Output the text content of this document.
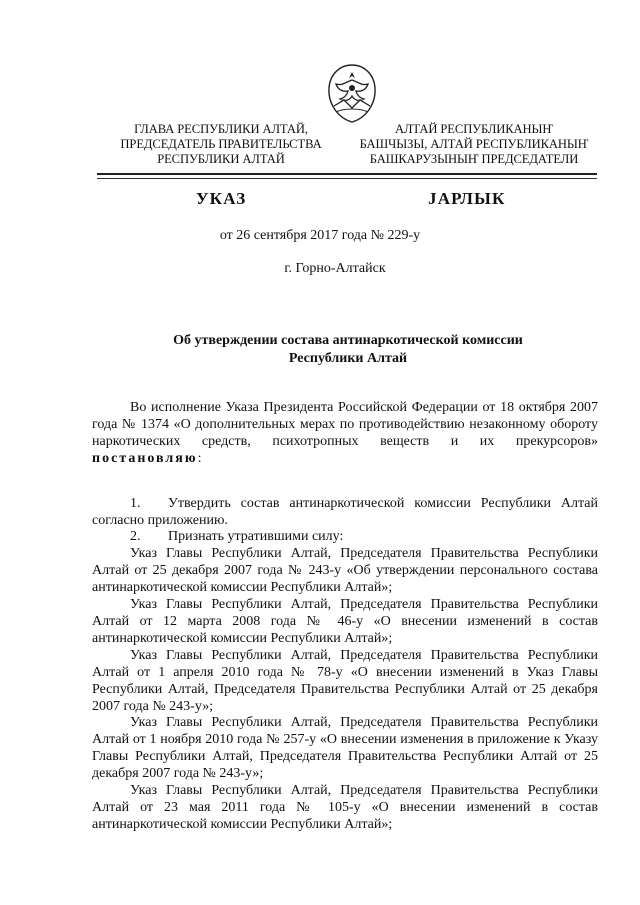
ГЛАВА РЕСПУБЛИКИ АЛТАЙ,
ПРЕДСЕДАТЕЛЬ ПРАВИТЕЛЬСТВА
РЕСПУБЛИКИ АЛТАЙ
АЛТАЙ РЕСПУБЛИКАНЫҤ
БАШЧЫЗЫ, АЛТАЙ РЕСПУБЛИКАНЫҤ
БАШКАРУЗЫНЫҤ ПРЕДСЕДАТЕЛИ
УКАЗ	JАРЛЫК
от 26 сентября 2017 года № 229-у
г. Горно-Алтайск
Об утверждении состава антинаркотической комиссии
Республики Алтай

Во исполнение Указа Президента Российской Федерации от 18 октября 2007 года № 1374 «О дополнительных мерах по противодействию незаконному обороту наркотических средств, психотропных веществ и их прекурсоров» постановляю:

1. Утвердить состав антинаркотической комиссии Республики Алтай согласно приложению.

2. Признать утратившими силу:

Указ Главы Республики Алтай, Председателя Правительства Республики Алтай от 25 декабря 2007 года № 243-у «Об утверждении персонального состава антинаркотической комиссии Республики Алтай»;

Указ Главы Республики Алтай, Председателя Правительства Республики Алтай от 12 марта 2008 года № 46-у «О внесении изменений в состав антинаркотической комиссии Республики Алтай»;

Указ Главы Республики Алтай, Председателя Правительства Республики Алтай от 1 апреля 2010 года № 78-у «О внесении изменений в Указ Главы Республики Алтай, Председателя Правительства Республики Алтай от 25 декабря 2007 года № 243-у»;

Указ Главы Республики Алтай, Председателя Правительства Республики Алтай от 1 ноября 2010 года № 257-у «О внесении изменения в приложение к Указу Главы Республики Алтай, Председателя Правительства Республики Алтай от 25 декабря 2007 года № 243-у»;

Указ Главы Республики Алтай, Председателя Правительства Республики Алтай от 23 мая 2011 года № 105-у «О внесении изменений в состав антинаркотической комиссии Республики Алтай»;
